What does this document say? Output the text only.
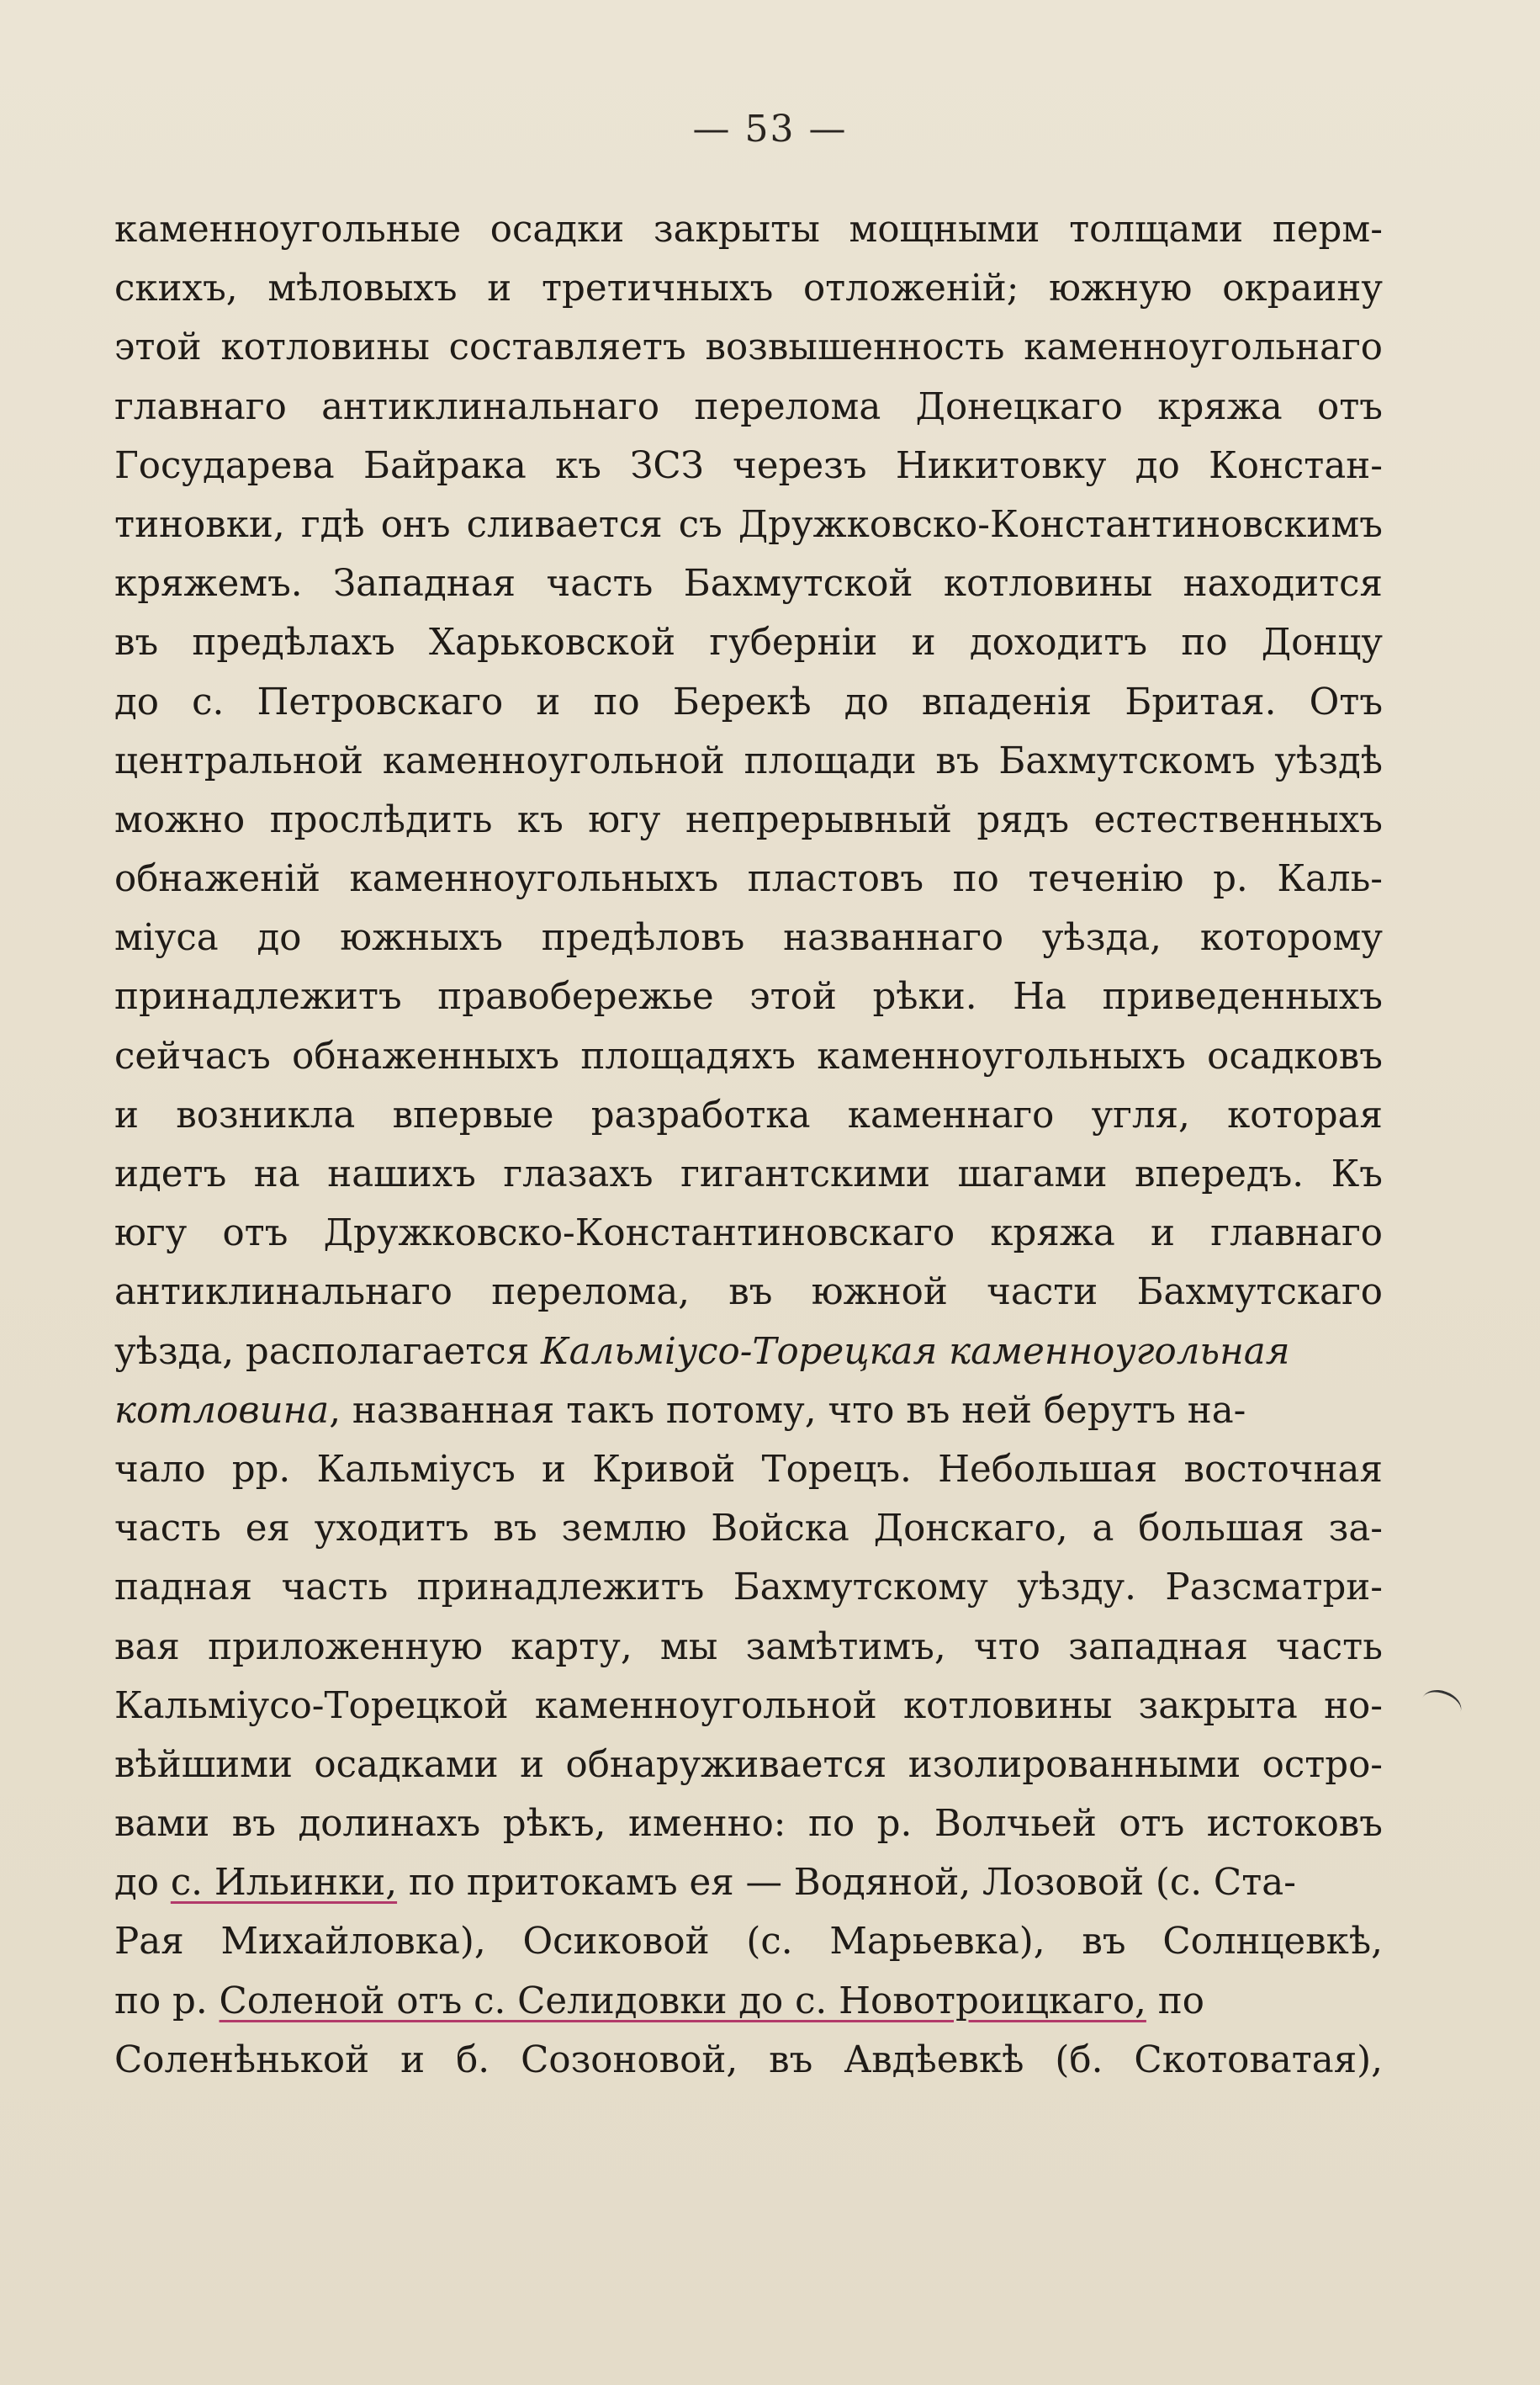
— 53 —
каменноугольные осадки закрыты мощными толщами перм-
скихъ, мѣловыхъ и третичныхъ отложенiй; южную окраину
этой котловины составляетъ возвышенность каменноугольнаго
главнаго антиклинальнаго перелома Донецкаго кряжа отъ
Государева Байрака къ ЗСЗ черезъ Никитовку до Констан-
тиновки, гдѣ онъ сливается съ Дружковско-Константиновскимъ
кряжемъ. Западная часть Бахмутской котловины находится
въ предѣлахъ Харьковской губернiи и доходитъ по Донцу
до с. Петровскаго и по Берекѣ до впаденiя Бритая. Отъ
центральной каменноугольной площади въ Бахмутскомъ уѣздѣ
можно прослѣдить къ югу непрерывный рядъ естественныхъ
обнаженiй каменноугольныхъ пластовъ по теченiю р. Каль-
мiуса до южныхъ предѣловъ названнаго уѣзда, которому
принадлежитъ правобережье этой рѣки. На приведенныхъ
сейчасъ обнаженныхъ площадяхъ каменноугольныхъ осадковъ
и возникла впервые разработка каменнаго угля, которая
идетъ на нашихъ глазахъ гигантскими шагами впередъ. Къ
югу отъ Дружковско-Константиновскаго кряжа и главнаго
антиклинальнаго перелома, въ южной части Бахмутскаго
уѣзда, располагается Кальмiусо-Торецкая каменноугольная
котловина , названная такъ потому, что въ ней берутъ на-
чало рр. Кальмiусъ и Кривой Торецъ. Небольшая восточная
часть ея уходитъ въ землю Войска Донскаго, а большая за-
падная часть принадлежитъ Бахмутскому уѣзду. Разсматри-
вая приложенную карту, мы замѣтимъ, что западная часть
Кальмiусо-Торецкой каменноугольной котловины закрыта но-
вѣйшими осадками и обнаруживается изолированными остро-
вами въ долинахъ рѣкъ, именно: по р. Волчьей отъ истоковъ
до с. Ильинки, по притокамъ ея — Водяной, Лозовой (с. Ста-
Рая Михайловка), Осиковой (с. Марьевка), въ Солнцевкѣ,
по р. Соленой отъ с. Селидовки до с. Новотроицкаго, по
Соленѣнькой и б. Созоновой, въ Авдѣевкѣ (б. Скотоватая),
